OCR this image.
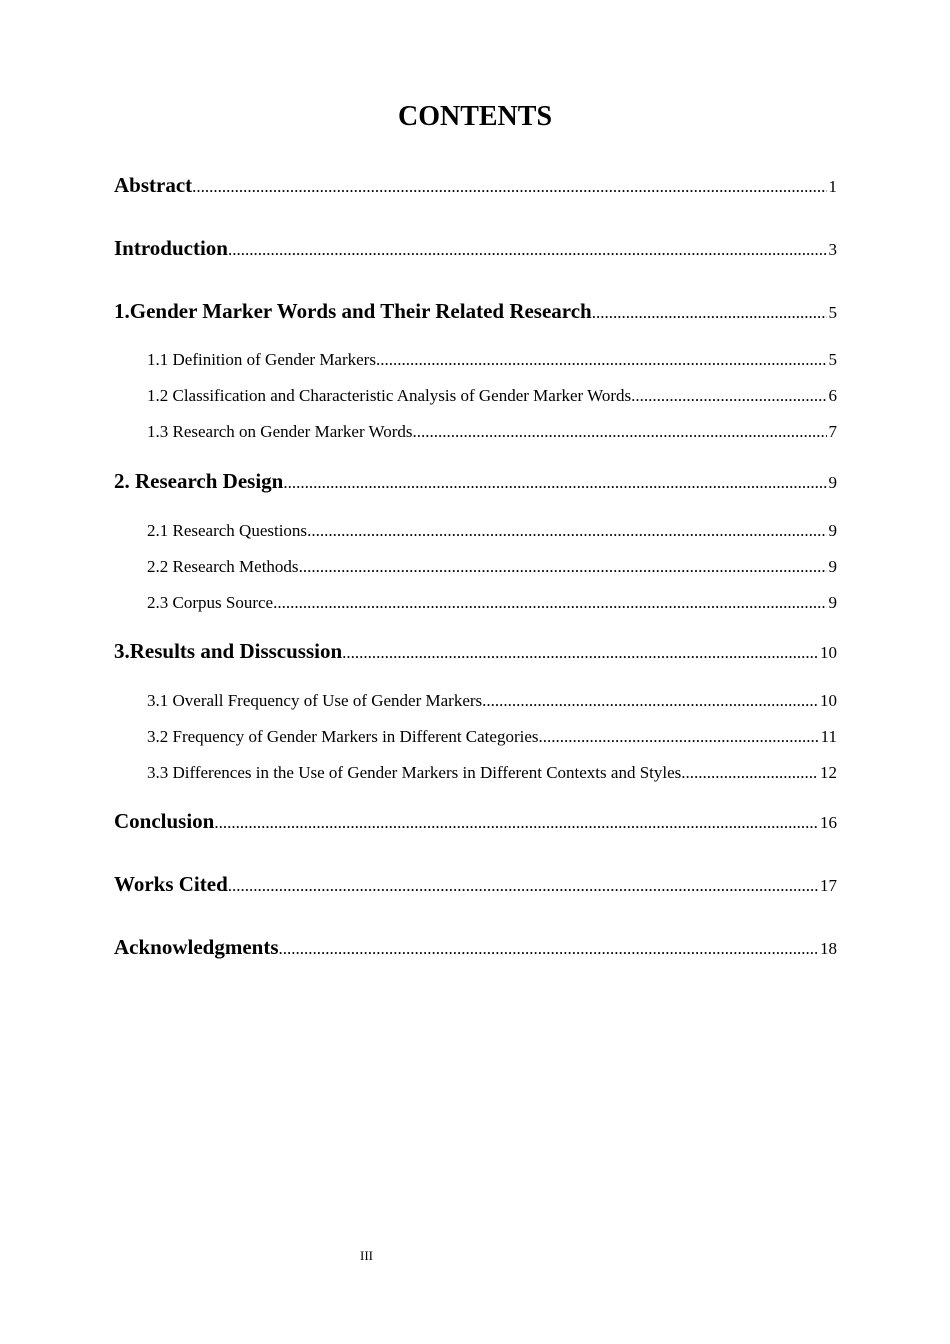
CONTENTS
Abstract .....	1
Introduction .....	3
1.Gender Marker Words and Their Related Research .....	5
1.1 Definition of Gender Markers .....	5
1.2 Classification and Characteristic Analysis of Gender Marker Words .....	6
1.3 Research on Gender Marker Words .....	7
2. Research Design .....	9
2.1 Research Questions .....	9
2.2 Research Methods .....	9
2.3 Corpus Source .....	9
3.Results and Disscussion .....	10
3.1 Overall Frequency of Use of Gender Markers .....	10
3.2 Frequency of Gender Markers in Different Categories .....	11
3.3 Differences in the Use of Gender Markers in Different Contexts and Styles .....	12
Conclusion .....	16
Works Cited .....	17
Acknowledgments .....	18
III
